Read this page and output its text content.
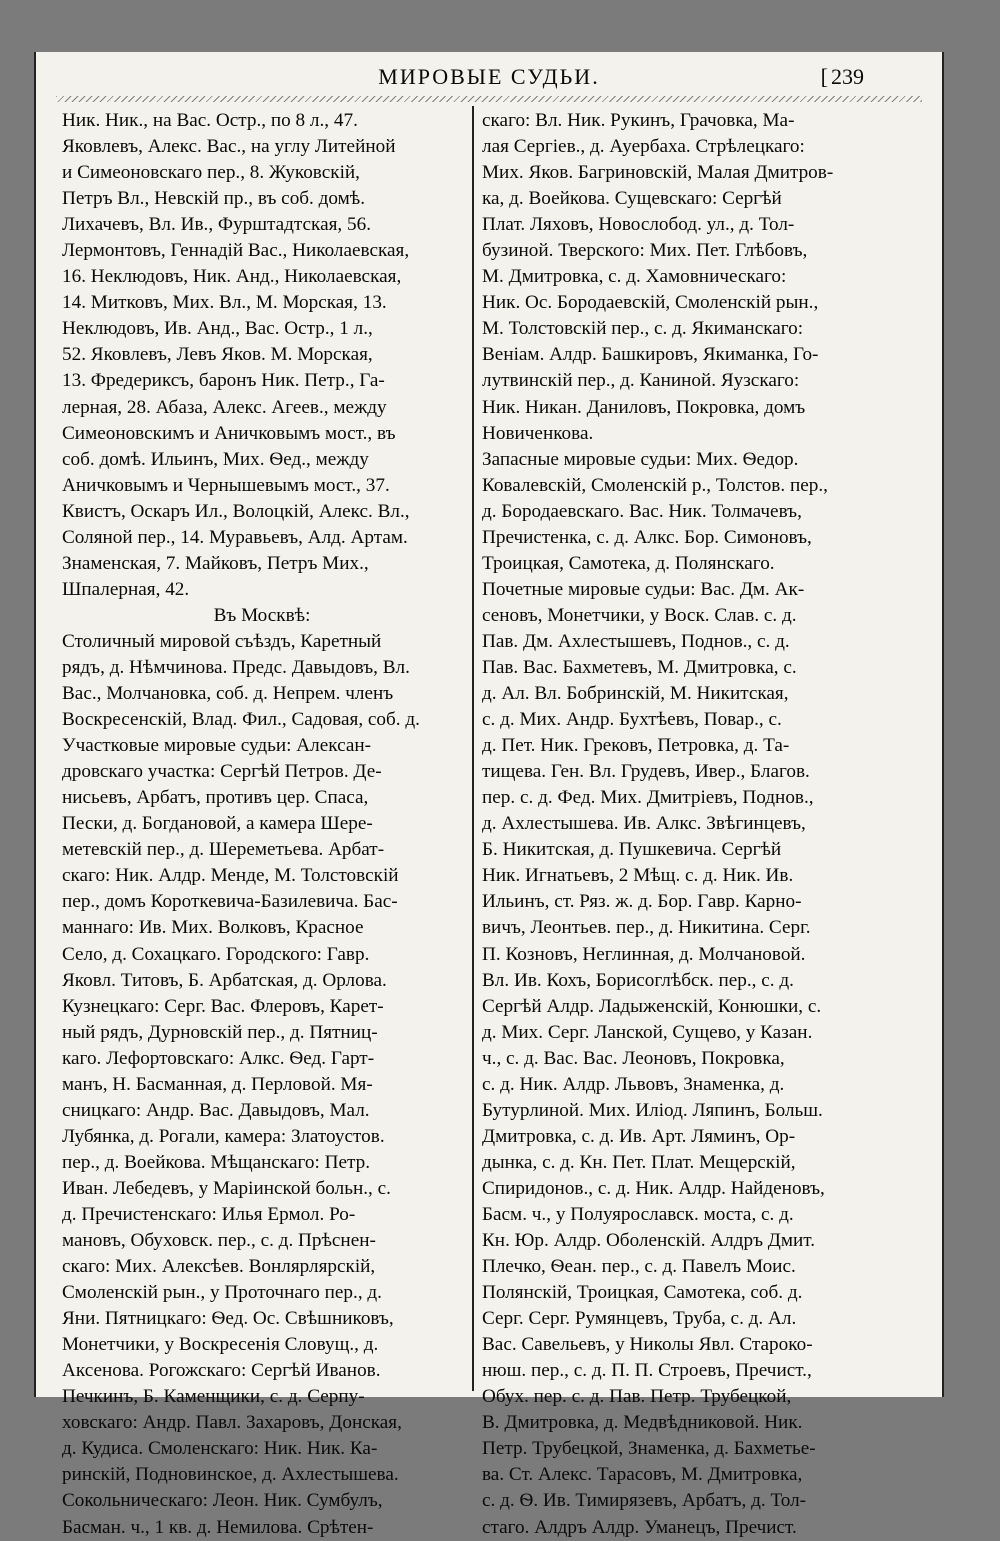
МИРОВЫЕ СУДЬИ.	[ 239
Ник. Ник., на Вас. Остр., по 8 л., 47.
Яковлевъ, Алекс. Вас., на углу Литейной
и Симеоновскаго пер., 8. Жуковскій,
Петръ Вл., Невскій пр., въ соб. домѣ.
Лихачевъ, Вл. Ив., Фурштадтская, 56.
Лермонтовъ, Геннадій Вас., Николаевская,
16. Неклюдовъ, Ник. Анд., Николаевская,
14. Митковъ, Мих. Вл., М. Морская, 13.
Неклюдовъ, Ив. Анд., Вас. Остр., 1 л.,
52. Яковлевъ, Левъ Яков. М. Морская,
13. Фредериксъ, баронъ Ник. Петр., Га-
лерная, 28. Абаза, Алекс. Агеев., между
Симеоновскимъ и Аничковымъ мост., въ
соб. домѣ. Ильинъ, Мих. Ѳед., между
Аничковымъ и Чернышевымъ мост., 37.
Квистъ, Оскаръ Ил., Волоцкій, Алекс. Вл.,
Соляной пер., 14. Муравьевъ, Алд. Артам.
Знаменская, 7. Майковъ, Петръ Мих.,
Шпалерная, 42.
Въ Москвѣ:
Столичный мировой съѣздъ, Каретный
рядъ, д. Нѣмчинова. Предс. Давыдовъ, Вл.
Вас., Молчановка, соб. д. Непрем. членъ
Воскресенскій, Влад. Фил., Садовая, соб. д.
Участковые мировые судьи: Алексан-
дровскаго участка: Сергѣй Петров. Де-
нисьевъ, Арбатъ, противъ цер. Спаса,
Пески, д. Богдановой, а камера Шере-
метевскій пер., д. Шереметьева. Арбат-
скаго: Ник. Алдр. Менде, М. Толстовскій
пер., домъ Короткевича-Базилевича. Бас-
маннаго: Ив. Мих. Волковъ, Красное
Село, д. Сохацкаго. Городского: Гавр.
Яковл. Титовъ, Б. Арбатская, д. Орлова.
Кузнецкаго: Серг. Вас. Флеровъ, Карет-
ный рядъ, Дурновскій пер., д. Пятниц-
каго. Лефортовскаго: Алкс. Ѳед. Гарт-
манъ, Н. Басманная, д. Перловой. Мя-
сницкаго: Андр. Вас. Давыдовъ, Мал.
Лубянка, д. Рогали, камера: Златоустов.
пер., д. Воейкова. Мѣщанскаго: Петр.
Иван. Лебедевъ, у Маріинской больн., с.
д. Пречистенскаго: Илья Ермол. Ро-
мановъ, Обуховск. пер., с. д. Прѣснен-
скаго: Мих. Алексѣев. Вонлярлярскій,
Смоленскій рын., у Проточнаго пер., д.
Яни. Пятницкаго: Ѳед. Ос. Свѣшниковъ,
Монетчики, у Воскресенія Словущ., д.
Аксенова. Рогожскаго: Сергѣй Иванов.
Печкинъ, Б. Каменщики, с. д. Серпу-
ховскаго: Андр. Павл. Захаровъ, Донская,
д. Кудиса. Смоленскаго: Ник. Ник. Ка-
ринскій, Подновинское, д. Ахлестышева.
Сокольническаго: Леон. Ник. Сумбулъ,
Басман. ч., 1 кв. д. Немилова. Срѣтен-
скаго: Вл. Ник. Рукинъ, Грачовка, Ма-
лая Сергіев., д. Ауербаха. Стрѣлецкаго:
Мих. Яков. Багриновскій, Малая Дмитров-
ка, д. Воейкова. Сущевскаго: Сергѣй
Плат. Ляховъ, Новослобод. ул., д. Тол-
бузиной. Тверского: Мих. Пет. Глѣбовъ,
М. Дмитровка, с. д. Хамовническаго:
Ник. Ос. Бородаевскій, Смоленскій рын.,
М. Толстовскій пер., с. д. Якиманскаго:
Веніам. Алдр. Башкировъ, Якиманка, Го-
лутвинскій пер., д. Каниной. Яузскаго:
Ник. Никан. Даниловъ, Покровка, домъ
Новиченкова.
Запасные мировые судьи: Мих. Ѳедор.
Ковалевскій, Смоленскій р., Толстов. пер.,
д. Бородаевскаго. Вас. Ник. Толмачевъ,
Пречистенка, с. д. Алкс. Бор. Симоновъ,
Троицкая, Самотека, д. Полянскаго.
Почетные мировые судьи: Вас. Дм. Ак-
сеновъ, Монетчики, у Воск. Слав. с. д.
Пав. Дм. Ахлестышевъ, Поднов., с. д.
Пав. Вас. Бахметевъ, М. Дмитровка, с.
д. Ал. Вл. Бобринскій, М. Никитская,
с. д. Мих. Андр. Бухтѣевъ, Повар., с.
д. Пет. Ник. Грековъ, Петровка, д. Та-
тищева. Ген. Вл. Грудевъ, Ивер., Благов.
пер. с. д. Фед. Мих. Дмитріевъ, Поднов.,
д. Ахлестышева. Ив. Алкс. Звѣгинцевъ,
Б. Никитская, д. Пушкевича. Сергѣй
Ник. Игнатьевъ, 2 Мѣщ. с. д. Ник. Ив.
Ильинъ, ст. Ряз. ж. д. Бор. Гавр. Карно-
вичъ, Леонтьев. пер., д. Никитина. Серг.
П. Козновъ, Неглинная, д. Молчановой.
Вл. Ив. Кохъ, Борисоглѣбск. пер., с. д.
Сергѣй Алдр. Ладыженскій, Конюшки, с.
д. Мих. Серг. Ланской, Сущево, у Казан.
ч., с. д. Вас. Вас. Леоновъ, Покровка,
с. д. Ник. Алдр. Львовъ, Знаменка, д.
Бутурлиной. Мих. Иліод. Ляпинъ, Больш.
Дмитровка, с. д. Ив. Арт. Ляминъ, Ор-
дынка, с. д. Кн. Пет. Плат. Мещерскій,
Спиридонов., с. д. Ник. Алдр. Найденовъ,
Басм. ч., у Полуярославск. моста, с. д.
Кн. Юр. Алдр. Оболенскій. Алдръ Дмит.
Плечко, Ѳеан. пер., с. д. Павелъ Моис.
Полянскій, Троицкая, Самотека, соб. д.
Серг. Серг. Румянцевъ, Труба, с. д. Ал.
Вас. Савельевъ, у Николы Явл. Староко-
нюш. пер., с. д. П. П. Строевъ, Пречист.,
Обух. пер. с. д. Пав. Петр. Трубецкой,
В. Дмитровка, д. Медвѣдниковой. Ник.
Петр. Трубецкой, Знаменка, д. Бахметье-
ва. Ст. Алекс. Тарасовъ, М. Дмитровка,
с. д. Ѳ. Ив. Тимирязевъ, Арбатъ, д. Тол-
стаго. Алдръ Алдр. Уманецъ, Пречист.
